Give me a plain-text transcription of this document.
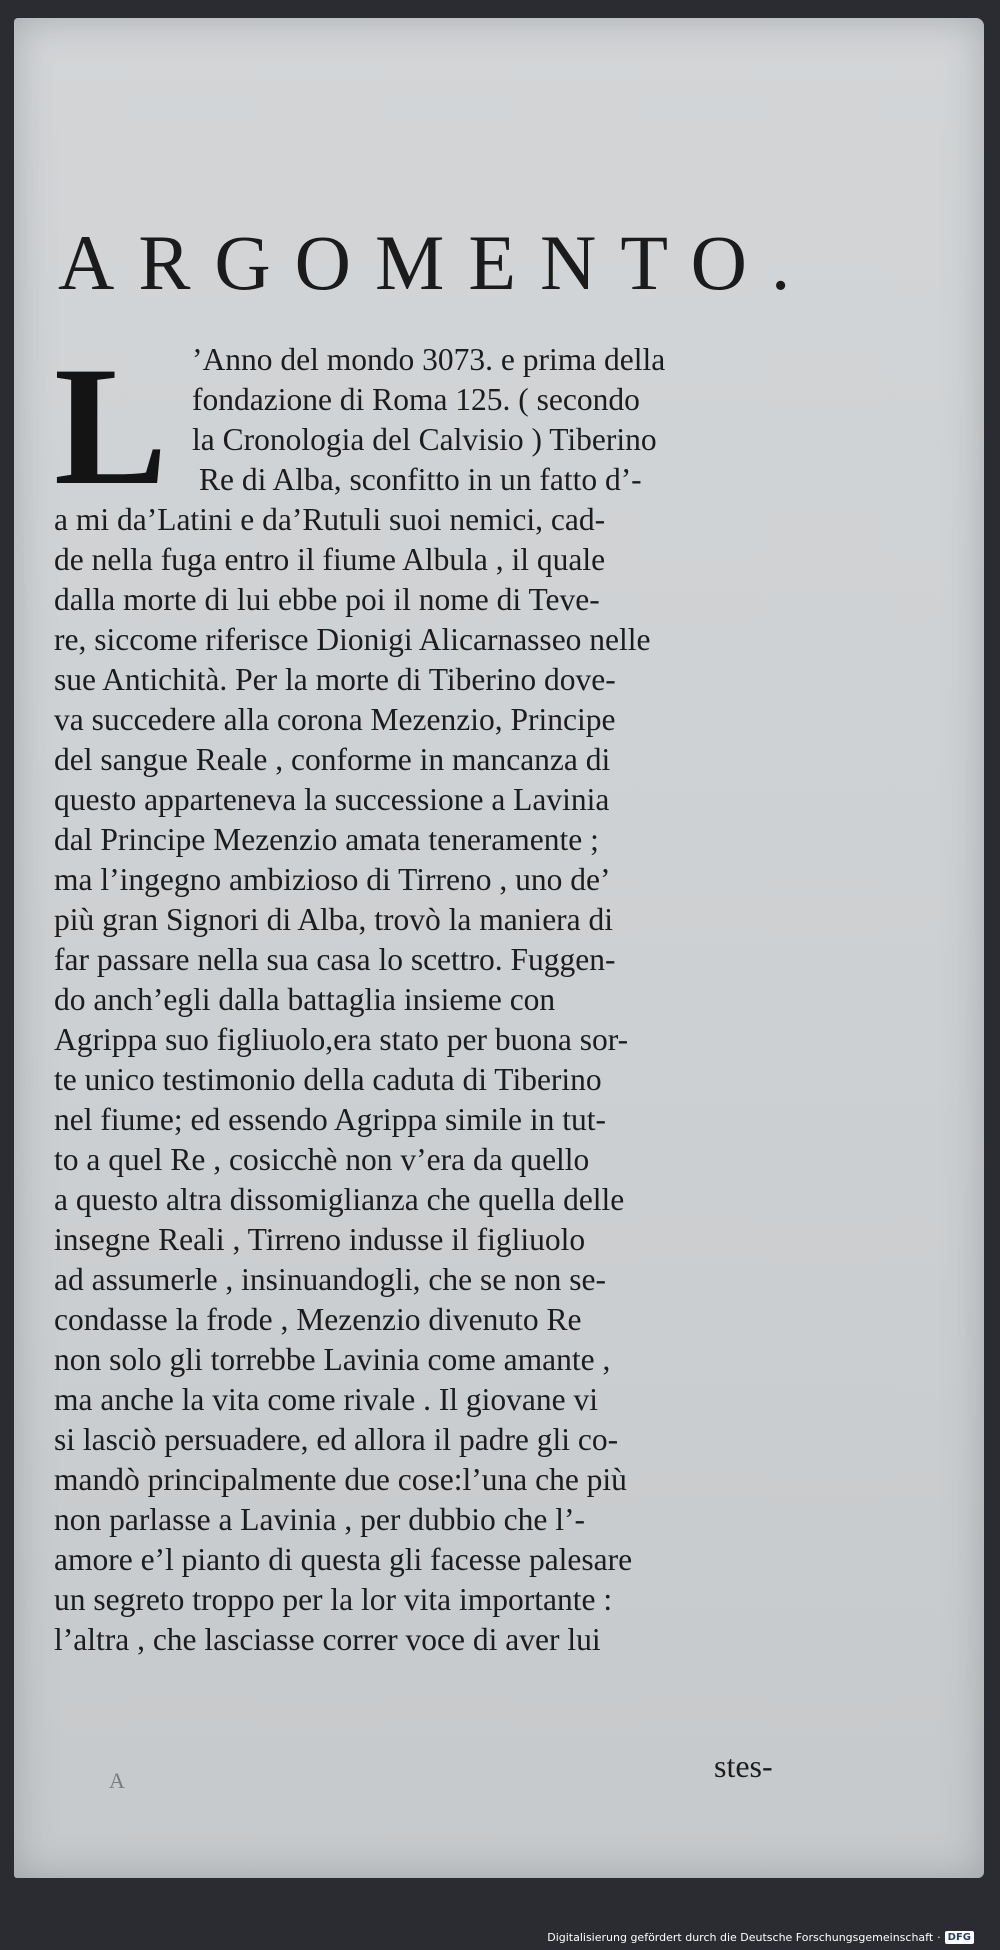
ARGOMENTO.
L ’Anno del mondo 3073. e prima della
fondazione di Roma 125. ( secondo
la Cronologia del Calvisio ) Tiberino
Re di Alba, sconfitto in un fatto d’-
a mi da’Latini e da’Rutuli suoi nemici, cad-
de nella fuga entro il fiume Albula , il quale
dalla morte di lui ebbe poi il nome di Teve-
re, siccome riferisce Dionigi Alicarnasseo nelle
sue Antichità. Per la morte di Tiberino dove-
va succedere alla corona Mezenzio, Principe
del sangue Reale , conforme in mancanza di
questo apparteneva la successione a Lavinia
dal Principe Mezenzio amata teneramente ;
ma l’ingegno ambizioso di Tirreno , uno de’
più gran Signori di Alba, trovò la maniera di
far passare nella sua casa lo scettro. Fuggen-
do anch’egli dalla battaglia insieme con
Agrippa suo figliuolo,era stato per buona sor-
te unico testimonio della caduta di Tiberino
nel fiume; ed essendo Agrippa simile in tut-
to a quel Re , cosicchè non v’era da quello
a questo altra dissomiglianza che quella delle
insegne Reali , Tirreno indusse il figliuolo
ad assumerle , insinuandogli, che se non se-
condasse la frode , Mezenzio divenuto Re
non solo gli torrebbe Lavinia come amante ,
ma anche la vita come rivale . Il giovane vi
si lasciò persuadere, ed allora il padre gli co-
mandò principalmente due cose:l’una che più
non parlasse a Lavinia , per dubbio che l’-
amore e’l pianto di questa gli facesse palesare
un segreto troppo per la lor vita importante :
l’altra , che lasciasse correr voce di aver lui
A	stes-
Digitalisierung gefördert durch die Deutsche Forschungsgemeinschaft · DFG
